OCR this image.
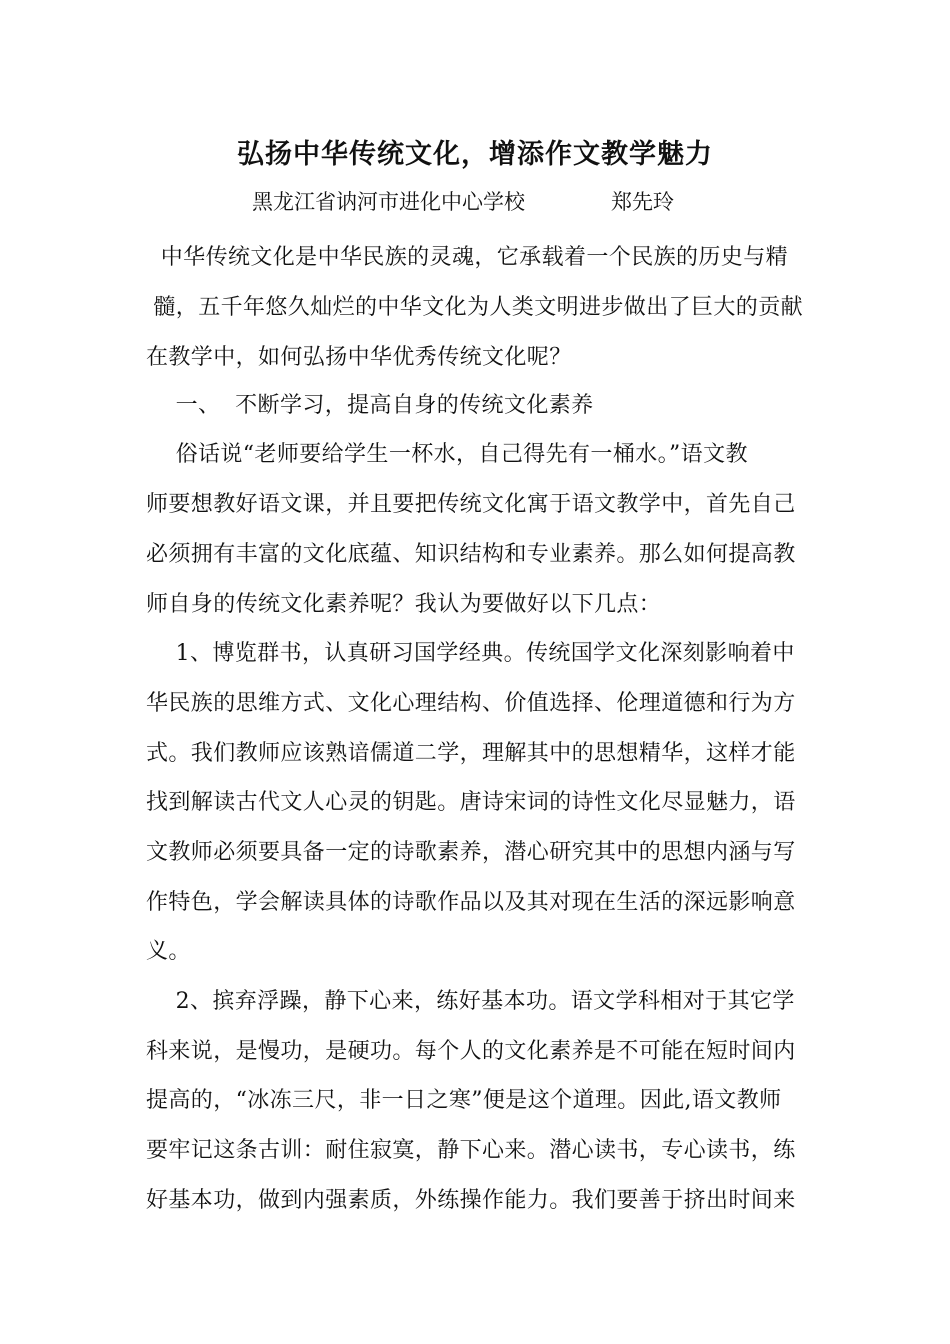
弘扬中华传统文化，增添作文教学魅力

黑龙江省讷河市进化中心学校	郑先玲

中华传统文化是中华民族的灵魂，它承载着一个民族的历史与精

髓，五千年悠久灿烂的中华文化为人类文明进步做出了巨大的贡献

在教学中，如何弘扬中华优秀传统文化呢？

一、  不断学习，提高自身的传统文化素养

俗话说“老师要给学生一杯水，自己得先有一桶水。”语文教

师要想教好语文课，并且要把传统文化寓于语文教学中，首先自己

必须拥有丰富的文化底蕴、知识结构和专业素养。那么如何提高教

师自身的传统文化素养呢？我认为要做好以下几点：

1、博览群书，认真研习国学经典。传统国学文化深刻影响着中

华民族的思维方式、文化心理结构、价值选择、伦理道德和行为方

式。我们教师应该熟谙儒道二学，理解其中的思想精华，这样才能

找到解读古代文人心灵的钥匙。唐诗宋词的诗性文化尽显魅力，语

文教师必须要具备一定的诗歌素养，潜心研究其中的思想内涵与写

作特色，学会解读具体的诗歌作品以及其对现在生活的深远影响意

义。

2、摈弃浮躁，静下心来，练好基本功。语文学科相对于其它学

科来说，是慢功，是硬功。每个人的文化素养是不可能在短时间内

提高的，“冰冻三尺，非一日之寒”便是这个道理。因此,语文教师

要牢记这条古训：耐住寂寞，静下心来。潜心读书，专心读书，练

好基本功，做到内强素质，外练操作能力。我们要善于挤出时间来
